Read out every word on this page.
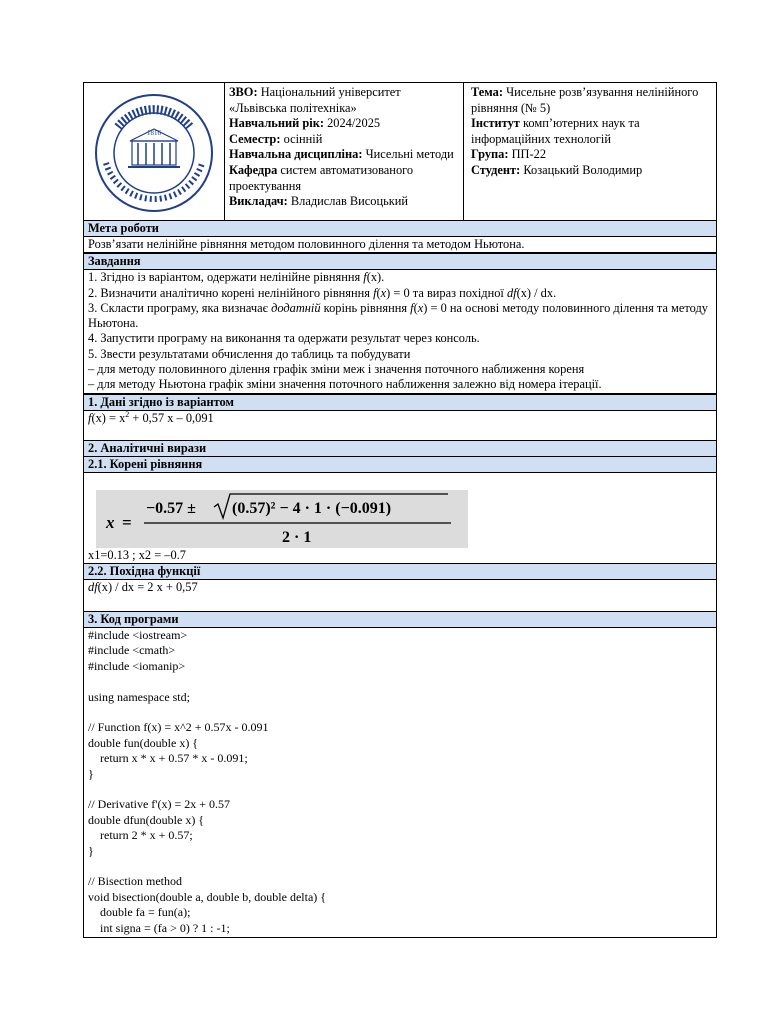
1816
ЗВО: Національний університет «Львівська політехніка»
Навчальний рік: 2024/2025
Семестр: осінній
Навчальна дисципліна: Чисельні методи
Кафедра систем автоматизованого проектування
Викладач: Владислав Висоцький
Тема: Чисельне розв’язування нелінійного рівняння (№ 5)
Інститут комп’ютерних наук та інформаційних технологій
Група: ПП-22
Студент: Козацький Володимир
Мета роботи
Розв’язати нелінійне рівняння методом половинного ділення та методом Ньютона.
Завдання
1. Згідно із варіантом, одержати нелінійне рівняння f(x).
2. Визначити аналітично корені нелінійного рівняння f(x) = 0 та вираз похідної df(x) / dx.
3. Скласти програму, яка визначає додатній корінь рівняння f(x) = 0 на основі методу половинного ділення та методу Ньютона.
4. Запустити програму на виконання та одержати результат через консоль.
5. Звести результатами обчислення до таблиць та побудувати
– для методу половинного ділення графік зміни меж і значення поточного наближення кореня
– для методу Ньютона графік зміни значення поточного наближення залежно від номера ітерації.
1. Дані згідно із варіантом
$f(x) = x^2 + 0,57$ x – 0,091
2. Аналітичні вирази
2.1. Корені рівняння
x =
−0.57 ± (0.57)² − 4 · 1 · (−0.091)
2 · 1
x1=0.13 ; x2 = –0.7
2.2. Похідна функції
df(x) / dx = 2 x + 0,57
3. Код програми
#include <iostream>
#include <cmath>
#include <iomanip>

using namespace std;

// Function f(x) = x^2 + 0.57x - 0.091
double fun(double x) {
return x * x + 0.57 * x - 0.091;
}

// Derivative f'(x) = 2x + 0.57
double dfun(double x) {
return 2 * x + 0.57;
}

// Bisection method
void bisection(double a, double b, double delta) {
double fa = fun(a);
int signa = (fa > 0) ? 1 : -1;
